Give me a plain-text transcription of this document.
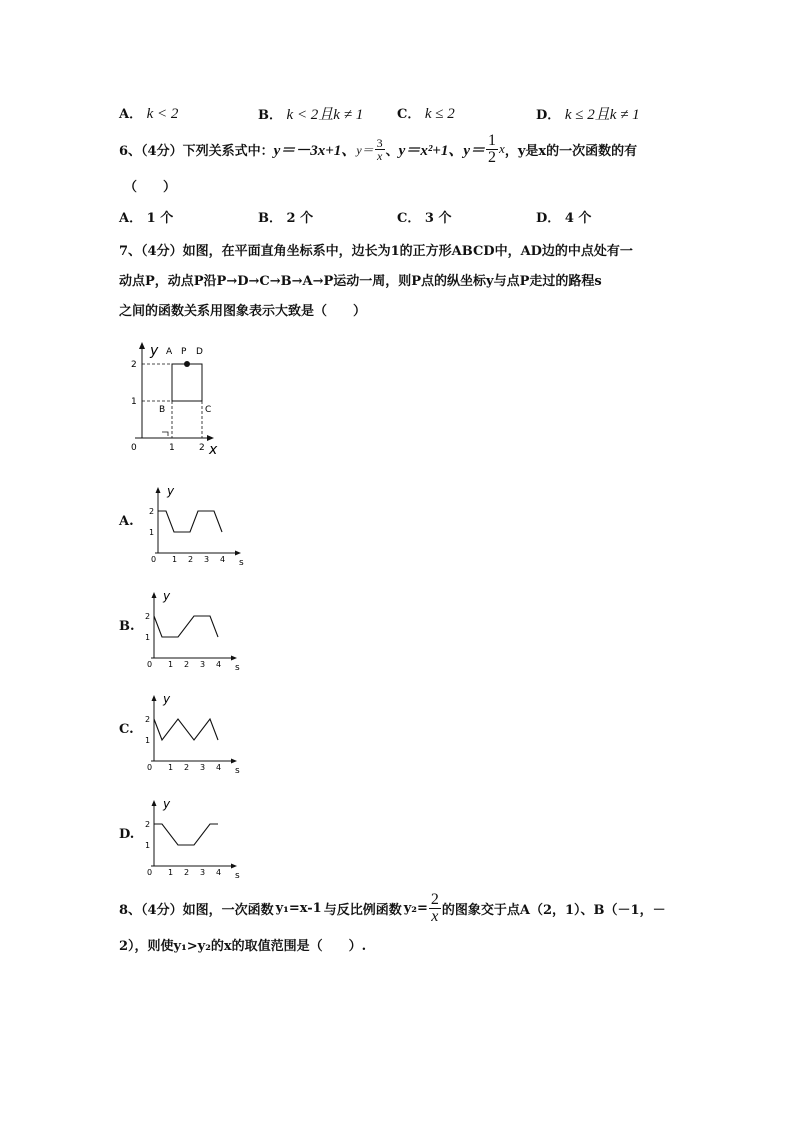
A． k < 2	B． k < 2且k ≠ 1	C． k ≤ 2	D． k ≤ 2且k ≠ 1
6、（4分）下列关系式中： y＝－3x+1、 $y= \frac{3}{x}$ 、 y＝x²+1、 $y= \frac{1}{2}$ x ，y是x的一次函数的有
（　　）
A． 1 个	B． 2 个	C． 3 个	D． 4 个
7、（4分）如图，在平面直角坐标系中，边长为1的正方形ABCD中，AD边的中点处有一
动点P，动点P沿P→D→C→B→A→P运动一周，则P点的纵坐标y与点P走过的路程s
之间的函数关系用图象表示大致是（　　）
y
x
A P D
B	C
2
1
0	1	2
A.
y
s
2
1
0 1 2 3 4
B.
y
s
2
1
0 1 2 3 4
C.
y
s
2
1
0 1 2 3 4
D.
y
s
2
1
0 1 2 3 4
8、（4分）如图，一次函数 y₁=x-1 与反比例函数 $y_2= \frac{2}{x}$ 的图象交于点A（2，1）、B（－1，－
2），则使y₁>y₂的x的取值范围是（　　）.
